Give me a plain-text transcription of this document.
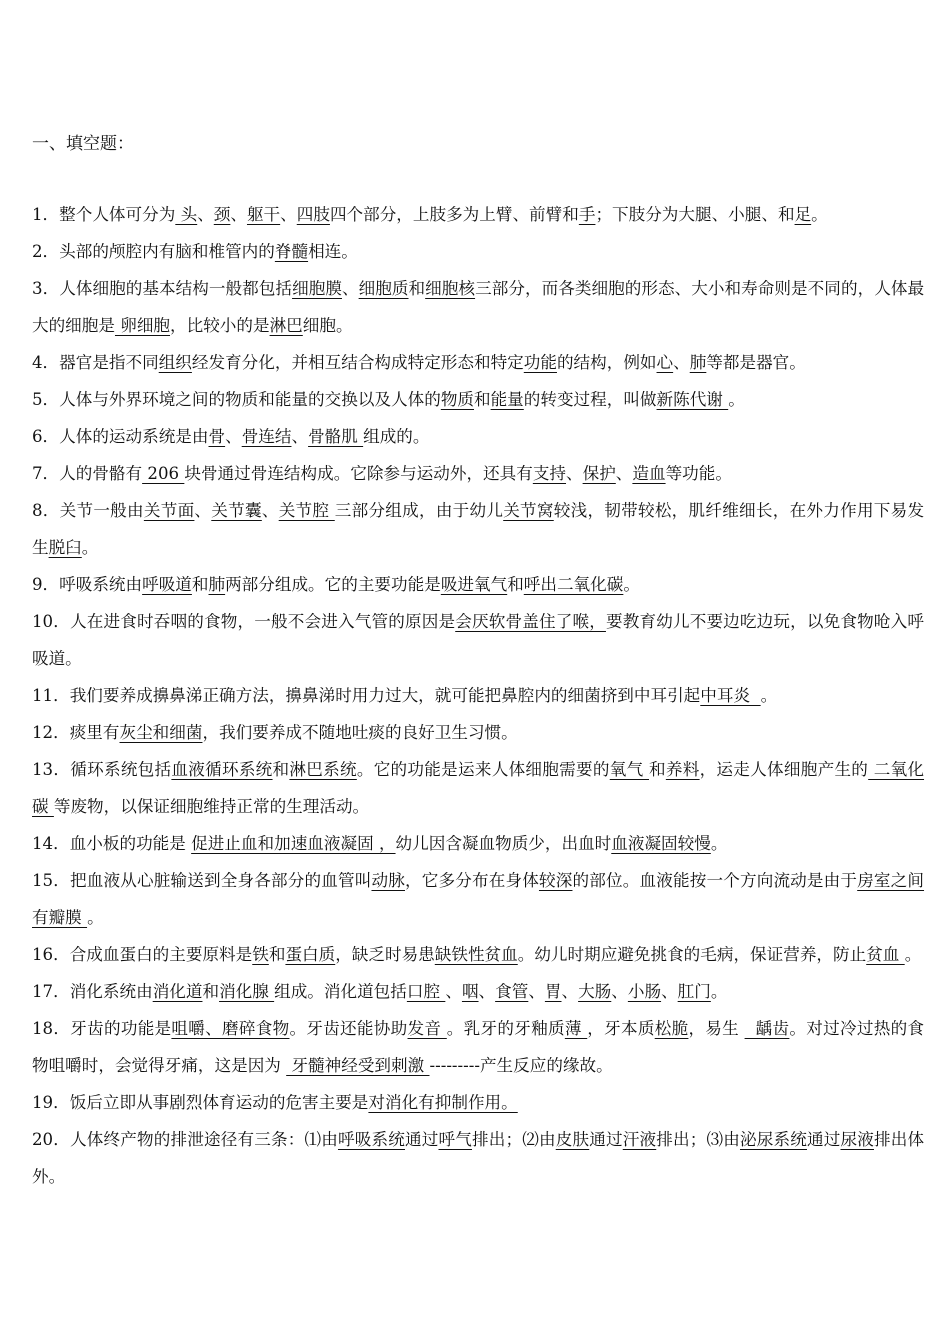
一、填空题：
1．整个人体可分为 头、颈、躯干、四肢四个部分，上肢多为上臂、前臂和手；下肢分为大腿、小腿、和足。
2．头部的颅腔内有脑和椎管内的脊髓相连。
3．人体细胞的基本结构一般都包括细胞膜、细胞质和细胞核三部分，而各类细胞的形态、大小和寿命则是不同的，人体最大的细胞是 卵细胞，比较小的是淋巴细胞。
4．器官是指不同组织经发育分化，并相互结合构成特定形态和特定功能的结构，例如心、肺等都是器官。
5．人体与外界环境之间的物质和能量的交换以及人体的物质和能量的转变过程，叫做新陈代谢 。
6．人体的运动系统是由骨、骨连结、骨骼肌 组成的。
7．人的骨骼有 206 块骨通过骨连结构成。它除参与运动外，还具有支持、保护、造血等功能。
8．关节一般由关节面、关节囊、关节腔 三部分组成，由于幼儿关节窝较浅，韧带较松，肌纤维细长，在外力作用下易发生脱臼。
9．呼吸系统由呼吸道和肺两部分组成。它的主要功能是吸进氧气和呼出二氧化碳。
10．人在进食时吞咽的食物，一般不会进入气管的原因是会厌软骨盖住了喉，要教育幼儿不要边吃边玩，以免食物呛入呼吸道。
11．我们要养成擤鼻涕正确方法，擤鼻涕时用力过大，就可能把鼻腔内的细菌挤到中耳引起中耳炎  。
12．痰里有灰尘和细菌，我们要养成不随地吐痰的良好卫生习惯。
13．循环系统包括血液循环系统和淋巴系统。它的功能是运来人体细胞需要的氧气 和养料，运走人体细胞产生的 二氧化碳 等废物，以保证细胞维持正常的生理活动。
14．血小板的功能是 促进止血和加速血液凝固 ，幼儿因含凝血物质少，出血时血液凝固较慢。
15．把血液从心脏输送到全身各部分的血管叫动脉，它多分布在身体较深的部位。血液能按一个方向流动是由于房室之间有瓣膜 。
16．合成血蛋白的主要原料是铁和蛋白质，缺乏时易患缺铁性贫血。幼儿时期应避免挑食的毛病，保证营养，防止贫血 。
17．消化系统由消化道和消化腺 组成。消化道包括口腔 、咽、食管、胃、大肠、小肠、肛门。
18．牙齿的功能是咀嚼、磨碎食物。牙齿还能协助发音 。乳牙的牙釉质薄 ，牙本质松脆，易生   龋齿。对过冷过热的食物咀嚼时，会觉得牙痛，这是因为  牙髓神经受到刺激 ---------产生反应的缘故。
19．饭后立即从事剧烈体育运动的危害主要是对消化有抑制作用。
20．人体终产物的排泄途径有三条：⑴由呼吸系统通过呼气排出；⑵由皮肤通过汗液排出；⑶由泌尿系统通过尿液排出体外。
